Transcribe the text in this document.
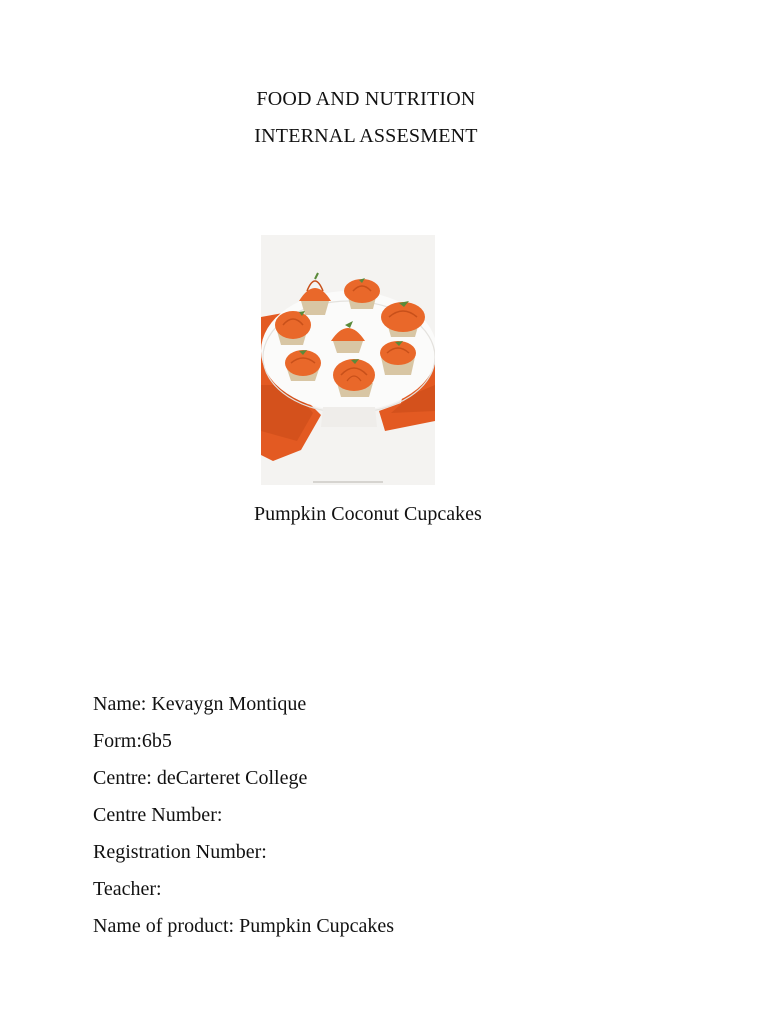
FOOD AND NUTRITION
INTERNAL ASSESMENT
Pumpkin Coconut Cupcakes
Name: Kevaygn Montique
Form:6b5
Centre: deCarteret College
Centre Number:
Registration Number:
Teacher:
Name of product: Pumpkin Cupcakes
